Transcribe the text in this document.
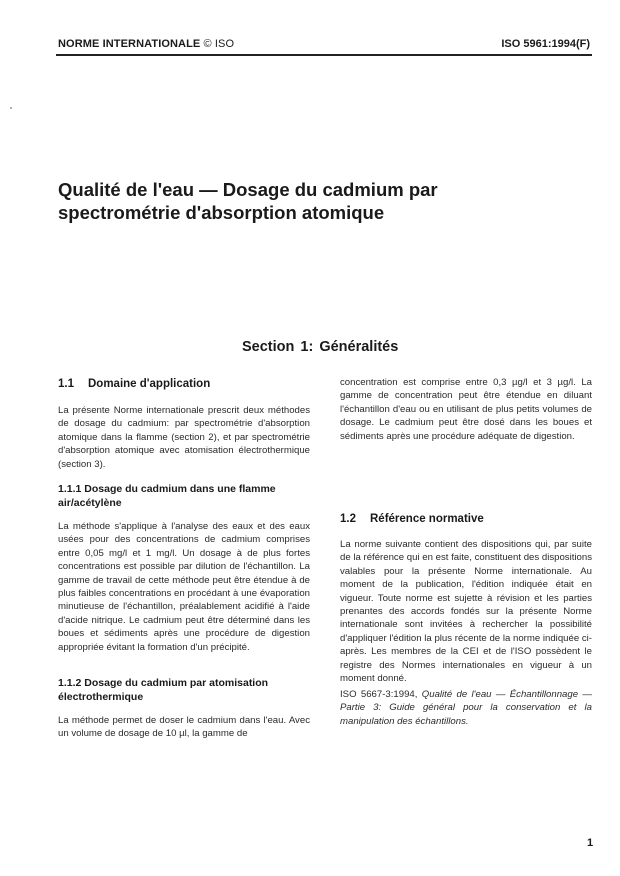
NORME INTERNATIONALE © ISO	ISO 5961:1994(F)
Qualité de l'eau — Dosage du cadmium par
spectrométrie d'absorption atomique
Section 1: Généralités
1.1 Domaine d'application
La présente Norme internationale prescrit deux méthodes de dosage du cadmium: par spectrométrie d'absorption atomique dans la flamme (section 2), et par spectrométrie d'absorption atomique avec atomisation électrothermique (section 3).
1.1.1 Dosage du cadmium dans une flamme air/acétylène
La méthode s'applique à l'analyse des eaux et des eaux usées pour des concentrations de cadmium comprises entre 0,05 mg/l et 1 mg/l. Un dosage à de plus fortes concentrations est possible par dilution de l'échantillon. La gamme de travail de cette méthode peut être étendue à de plus faibles concentrations en procédant à une évaporation minutieuse de l'échantillon, préalablement acidifié à l'aide d'acide nitrique. Le cadmium peut être déterminé dans les boues et sédiments après une procédure de digestion appropriée évitant la formation d'un précipité.
1.1.2 Dosage du cadmium par atomisation électrothermique
La méthode permet de doser le cadmium dans l'eau. Avec un volume de dosage de 10 µl, la gamme de
concentration est comprise entre 0,3 µg/l et 3 µg/l. La gamme de concentration peut être étendue en diluant l'échantillon d'eau ou en utilisant de plus petits volumes de dosage. Le cadmium peut être dosé dans les boues et sédiments après une procédure adéquate de digestion.
1.2 Référence normative
La norme suivante contient des dispositions qui, par suite de la référence qui en est faite, constituent des dispositions valables pour la présente Norme internationale. Au moment de la publication, l'édition indiquée était en vigueur. Toute norme est sujette à révision et les parties prenantes des accords fondés sur la présente Norme internationale sont invitées à rechercher la possibilité d'appliquer l'édition la plus récente de la norme indiquée ci-après. Les membres de la CEI et de l'ISO possèdent le registre des Normes internationales en vigueur à un moment donné.
ISO 5667-3:1994, Qualité de l'eau — Échantillonnage — Partie 3: Guide général pour la conservation et la manipulation des échantillons.
1
